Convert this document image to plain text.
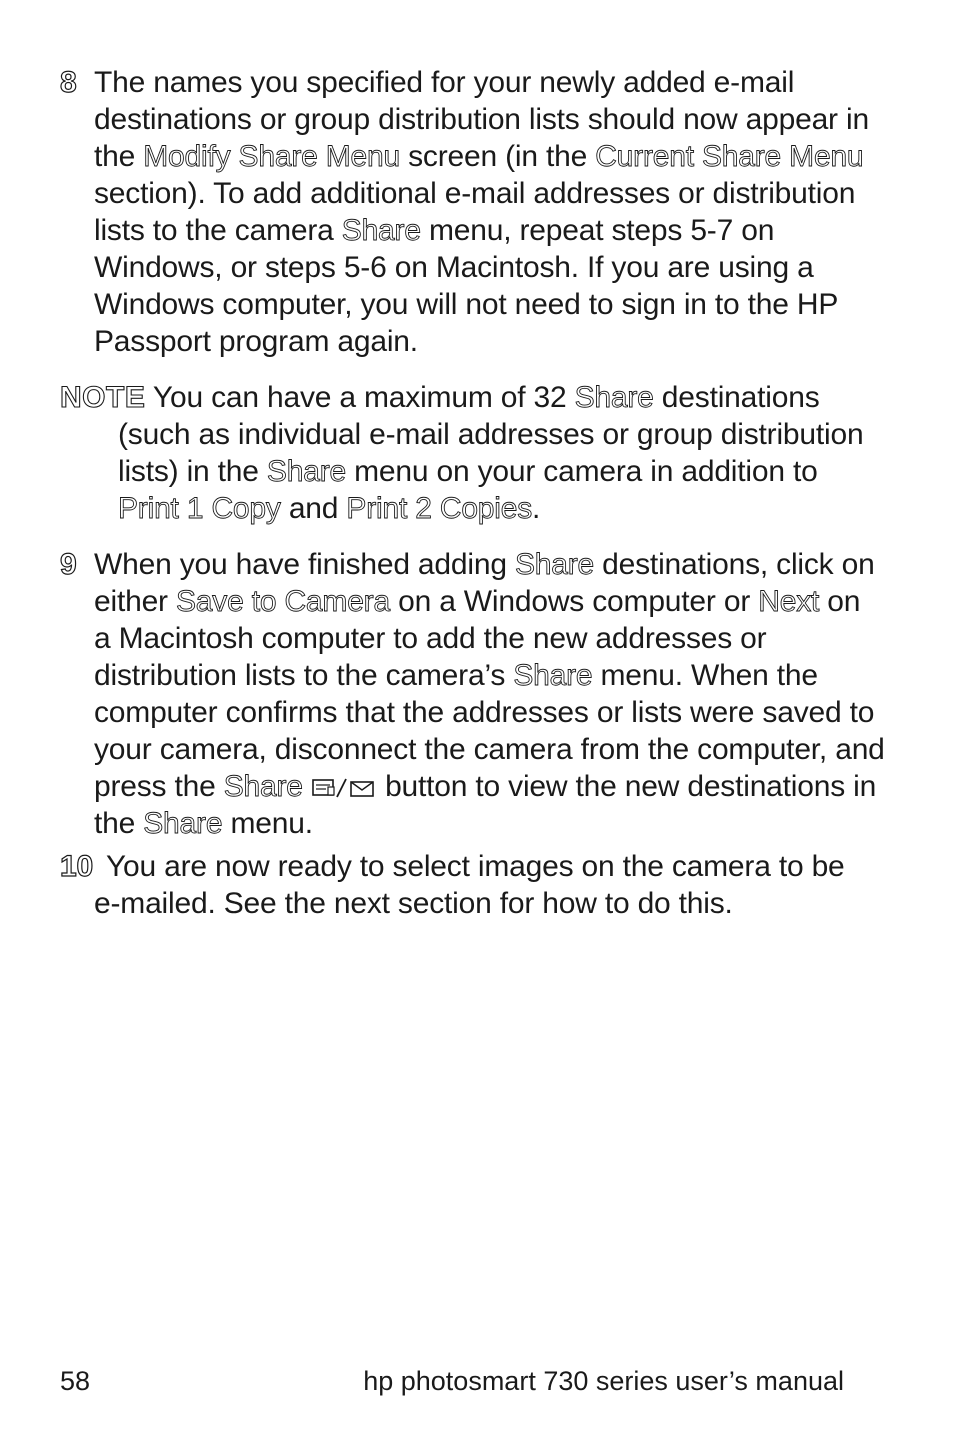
8 The names you specified for your newly added e-mail
destinations or group distribution lists should now appear in
the Modify Share Menu screen (in the Current Share Menu
section). To add additional e-mail addresses or distribution
lists to the camera Share menu, repeat steps 5-7 on
Windows, or steps 5-6 on Macintosh. If you are using a
Windows computer, you will not need to sign in to the HP
Passport program again.
NOTE You can have a maximum of 32 Share destinations
(such as individual e-mail addresses or group distribution
lists) in the Share menu on your camera in addition to
Print 1 Copy and Print 2 Copies.
9 When you have finished adding Share destinations, click on
either Save to Camera on a Windows computer or Next on
a Macintosh computer to add the new addresses or
distribution lists to the camera’s Share menu. When the
computer confirms that the addresses or lists were saved to
your camera, disconnect the camera from the computer, and
press the Share  button to view the new destinations in
the Share menu.
10 You are now ready to select images on the camera to be
e-mailed. See the next section for how to do this.
58	hp photosmart 730 series user’s manual
